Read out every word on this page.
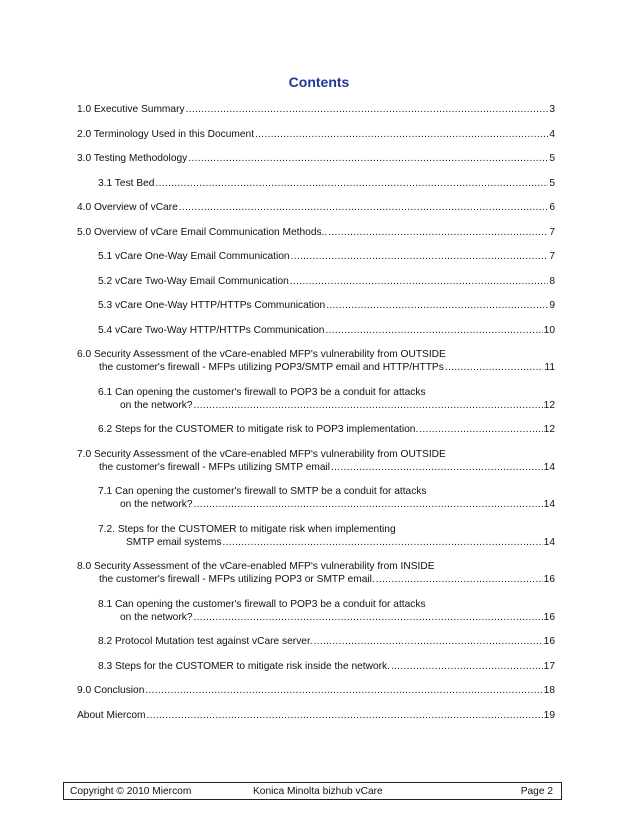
Contents
1.0 Executive Summary .....	3
2.0 Terminology Used in this Document .....	4
3.0 Testing Methodology .....	5
3.1 Test Bed .....	5
4.0 Overview of vCare .....	6
5.0 Overview of vCare Email Communication Methods.. .....	7
5.1 vCare One-Way Email Communication .....	7
5.2 vCare Two-Way Email Communication .....	8
5.3 vCare One-Way HTTP/HTTPs Communication .....	9
5.4 vCare Two-Way HTTP/HTTPs Communication .....	10
6.0 Security Assessment of the vCare-enabled MFP's vulnerability from OUTSIDE
the customer's firewall - MFPs utilizing POP3/SMTP email and HTTP/HTTPs .....	11
6.1 Can opening the customer's firewall to POP3 be a conduit for attacks
on the network? .....	12
6.2 Steps for the CUSTOMER to mitigate risk to POP3 implementation. .....	12
7.0 Security Assessment of the vCare-enabled MFP's vulnerability from OUTSIDE
the customer's firewall - MFPs utilizing SMTP email .....	14
7.1 Can opening the customer's firewall to SMTP be a conduit for attacks
on the network? .....	14
7.2. Steps for the CUSTOMER to mitigate risk when implementing
SMTP email systems .....	14
8.0 Security Assessment of the vCare-enabled MFP's vulnerability from INSIDE
the customer's firewall - MFPs utilizing POP3 or SMTP email. .....	16
8.1 Can opening the customer's firewall to POP3 be a conduit for attacks
on the network? .....	16
8.2 Protocol Mutation test against vCare server. .....	16
8.3 Steps for the CUSTOMER to mitigate risk inside the network. .....	17
9.0 Conclusion .....	18
About Miercom .....	19
Copyright © 2010 Miercom	Konica Minolta bizhub vCare	Page 2
